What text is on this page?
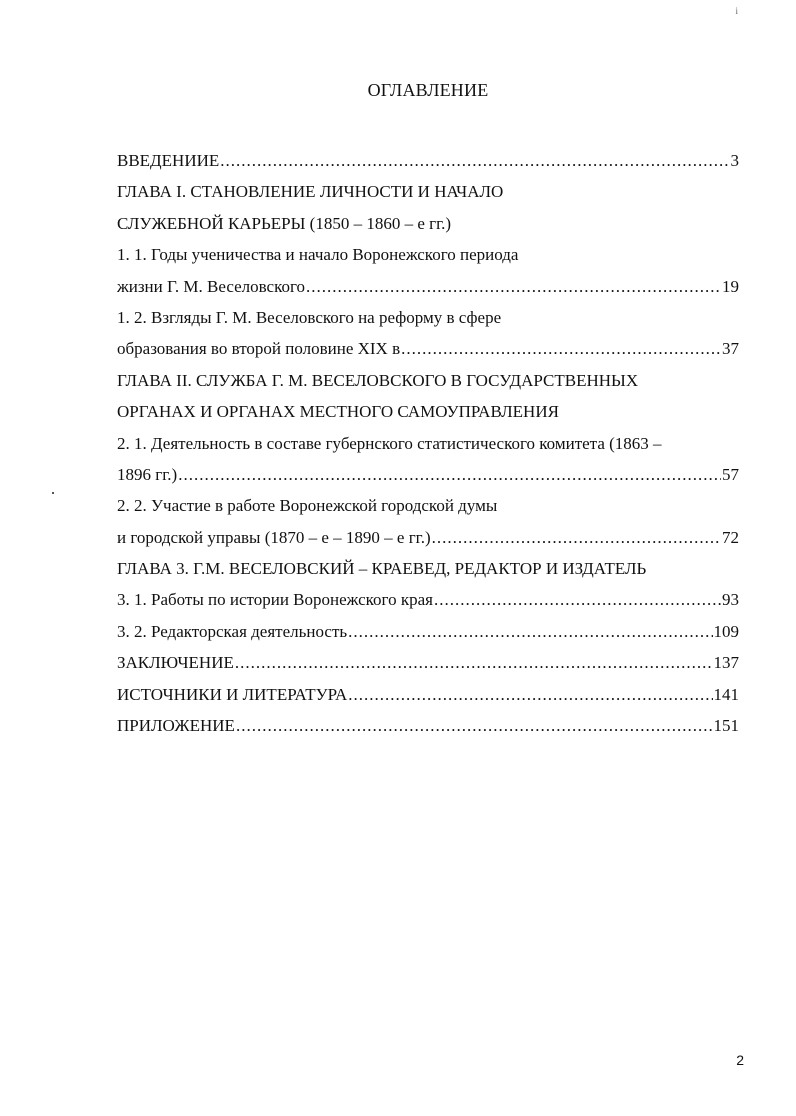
i
ОГЛАВЛЕНИЕ
ВВЕДЕНИИЕ .....	3
ГЛАВА I. СТАНОВЛЕНИЕ ЛИЧНОСТИ И НАЧАЛО
СЛУЖЕБНОЙ КАРЬЕРЫ (1850 – 1860 – е гг.)
1. 1. Годы ученичества и начало Воронежского периода
жизни Г. М. Веселовского .....	19
1. 2. Взгляды Г. М. Веселовского на реформу в сфере
образования во второй половине XIX в .....	37
ГЛАВА II. СЛУЖБА Г. М. ВЕСЕЛОВСКОГО В ГОСУДАРСТВЕННЫХ
ОРГАНАХ И ОРГАНАХ МЕСТНОГО САМОУПРАВЛЕНИЯ
2. 1. Деятельность в составе губернского статистического комитета (1863 –
1896 гг.) .....	57
2. 2. Участие в работе Воронежской городской думы
и городской управы (1870 – е – 1890 – е гг.) .....	72
ГЛАВА 3. Г.М. ВЕСЕЛОВСКИЙ – КРАЕВЕД, РЕДАКТОР И ИЗДАТЕЛЬ
3. 1. Работы по истории Воронежского края .....	93
3. 2. Редакторская деятельность .....	109
ЗАКЛЮЧЕНИЕ .....	137
ИСТОЧНИКИ И ЛИТЕРАТУРА .....	141
ПРИЛОЖЕНИЕ .....	151
2
